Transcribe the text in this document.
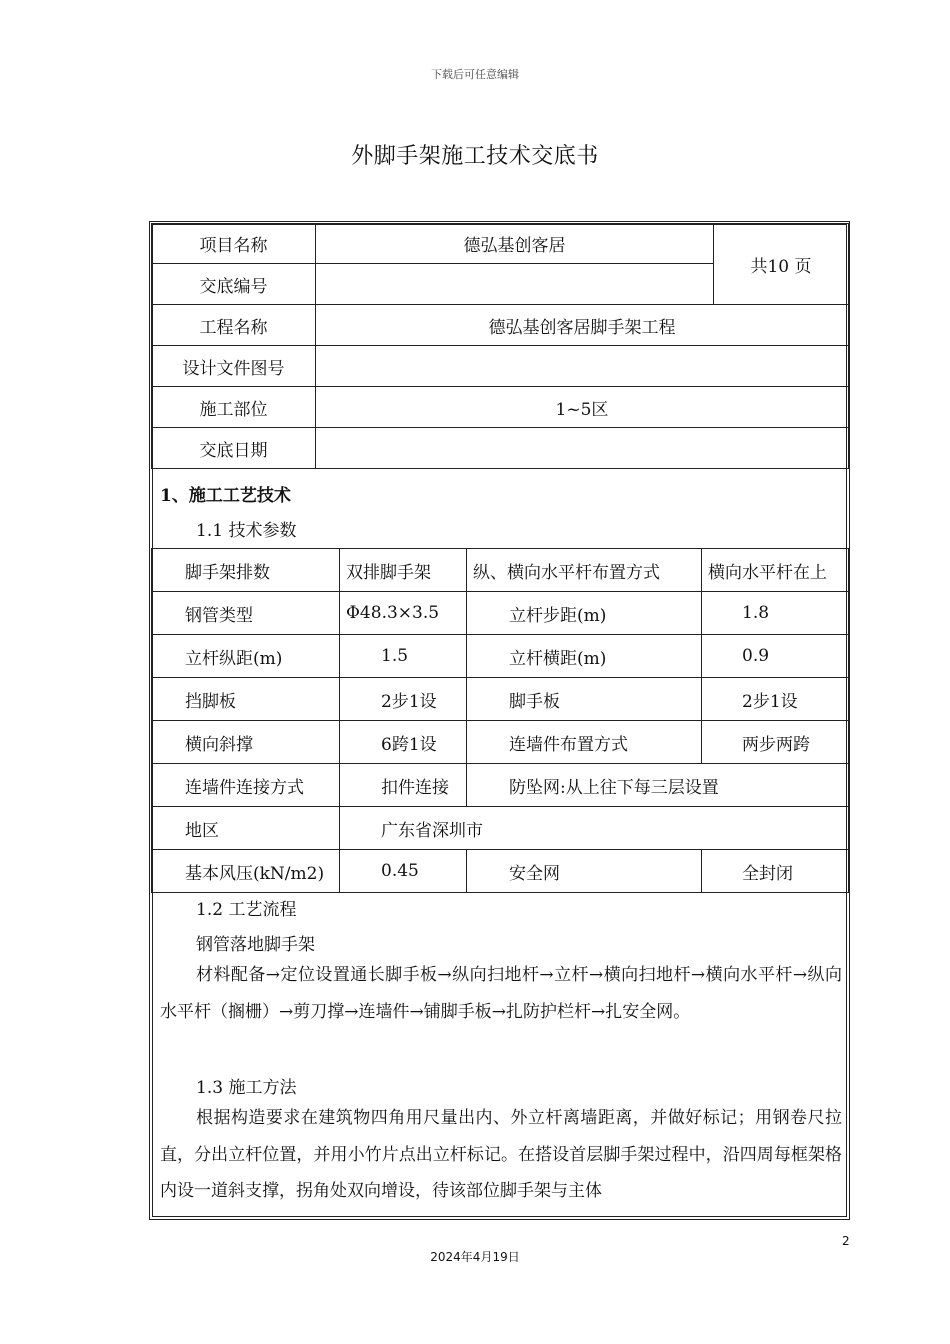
下载后可任意编辑
外脚手架施工技术交底书
项目名称	德弘基创客居	共10 页
交底编号		
工程名称	德弘基创客居脚手架工程	
设计文件图号		
施工部位	1~5区	
交底日期		
1、施工工艺技术
1.1 技术参数
脚手架排数	双排脚手架	纵、横向水平杆布置方式	横向水平杆在上
钢管类型	Φ48.3×3.5	立杆步距(m)	1.8
立杆纵距(m)	1.5	立杆横距(m)	0.9
挡脚板	2步1设	脚手板	2步1设
横向斜撑	6跨1设	连墙件布置方式	两步两跨
连墙件连接方式	扣件连接	防坠网:从上往下每三层设置	
地区	广东省深圳市		
基本风压(kN/m2)	0.45	安全网	全封闭
1.2 工艺流程
钢管落地脚手架
材料配备→定位设置通长脚手板→纵向扫地杆→立杆→横向扫地杆→横向水平杆→纵向水平杆（搁栅）→剪刀撑→连墙件→铺脚手板→扎防护栏杆→扎安全网。
1.3 施工方法
根据构造要求在建筑物四角用尺量出内、外立杆离墙距离，并做好标记；用钢卷尺拉直，分出立杆位置，并用小竹片点出立杆标记。在搭设首层脚手架过程中，沿四周每框架格内设一道斜支撑，拐角处双向增设，待该部位脚手架与主体
2
2024年4月19日
